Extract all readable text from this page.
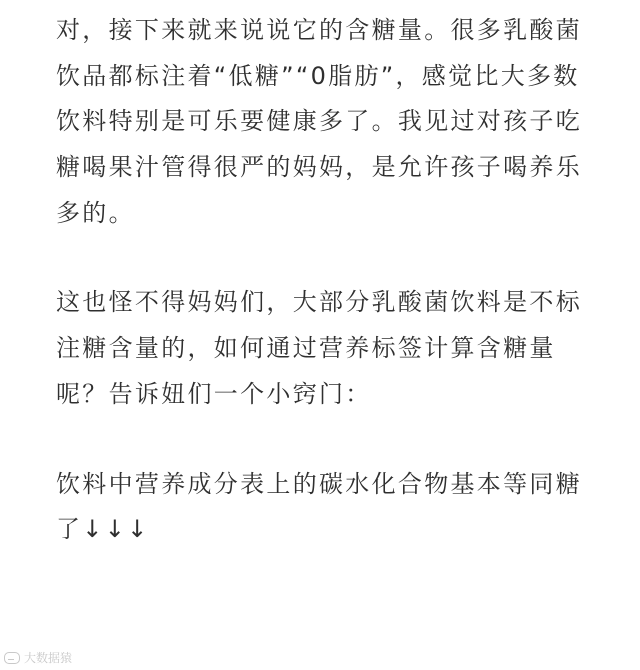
对，接下来就来说说它的含糖量。很多乳酸菌
饮品都标注着“低糖”“0脂肪”，感觉比大多数
饮料特别是可乐要健康多了。我见过对孩子吃
糖喝果汁管得很严的妈妈，是允许孩子喝养乐
多的。
这也怪不得妈妈们，大部分乳酸菌饮料是不标
注糖含量的，如何通过营养标签计算含糖量
呢？告诉妞们一个小窍门：
饮料中营养成分表上的碳水化合物基本等同糖
了↓↓↓
大数据猿
